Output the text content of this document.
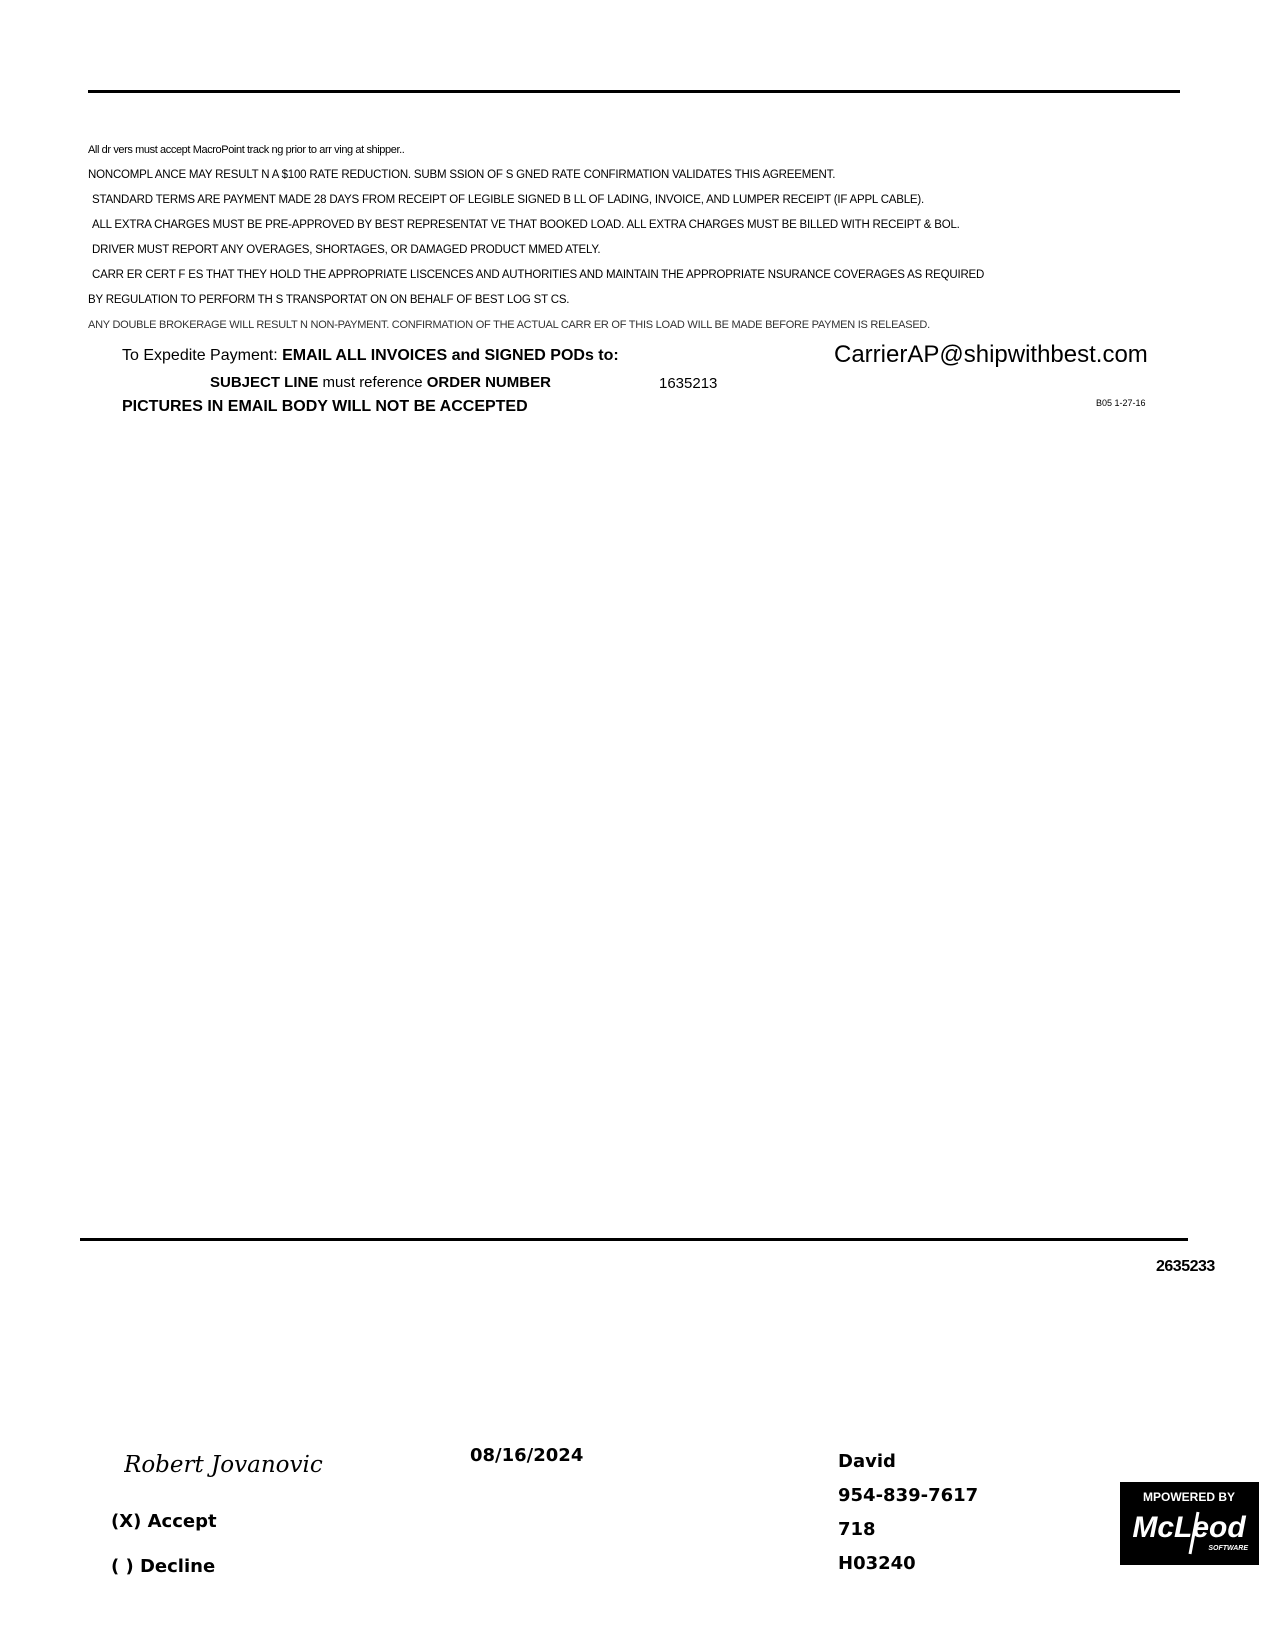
All dr vers must accept MacroPoint track ng prior to arr ving at shipper..
NONCOMPL ANCE MAY RESULT N A $100 RATE REDUCTION. SUBM SSION OF S GNED RATE CONFIRMATION VALIDATES THIS AGREEMENT.
STANDARD TERMS ARE PAYMENT MADE 28 DAYS FROM RECEIPT OF LEGIBLE SIGNED B LL OF LADING, INVOICE, AND LUMPER RECEIPT (IF APPL CABLE).
ALL EXTRA CHARGES MUST BE PRE-APPROVED BY BEST REPRESENTAT VE THAT BOOKED LOAD. ALL EXTRA CHARGES MUST BE BILLED WITH RECEIPT & BOL.
DRIVER MUST REPORT ANY OVERAGES, SHORTAGES, OR DAMAGED PRODUCT MMED ATELY.
CARR ER CERT F ES THAT THEY HOLD THE APPROPRIATE LISCENCES AND AUTHORITIES AND MAINTAIN THE APPROPRIATE NSURANCE COVERAGES AS REQUIRED
BY REGULATION TO PERFORM TH S TRANSPORTAT ON ON BEHALF OF BEST LOG ST CS.
ANY DOUBLE BROKERAGE WILL RESULT N NON-PAYMENT. CONFIRMATION OF THE ACTUAL CARR ER OF THIS LOAD WILL BE MADE BEFORE PAYMEN IS RELEASED.
To Expedite Payment: EMAIL ALL INVOICES and SIGNED PODs to:	CarrierAP@shipwithbest.com
SUBJECT LINE must reference ORDER NUMBER	1635213
PICTURES IN EMAIL BODY WILL NOT BE ACCEPTED	B05 1-27-16
2635233
Robert Jovanovic	08/16/2024
(X) Accept
( ) Decline
David
954-839-7617
718
H03240
MPOWERED BY
McLeod
SOFTWARE
